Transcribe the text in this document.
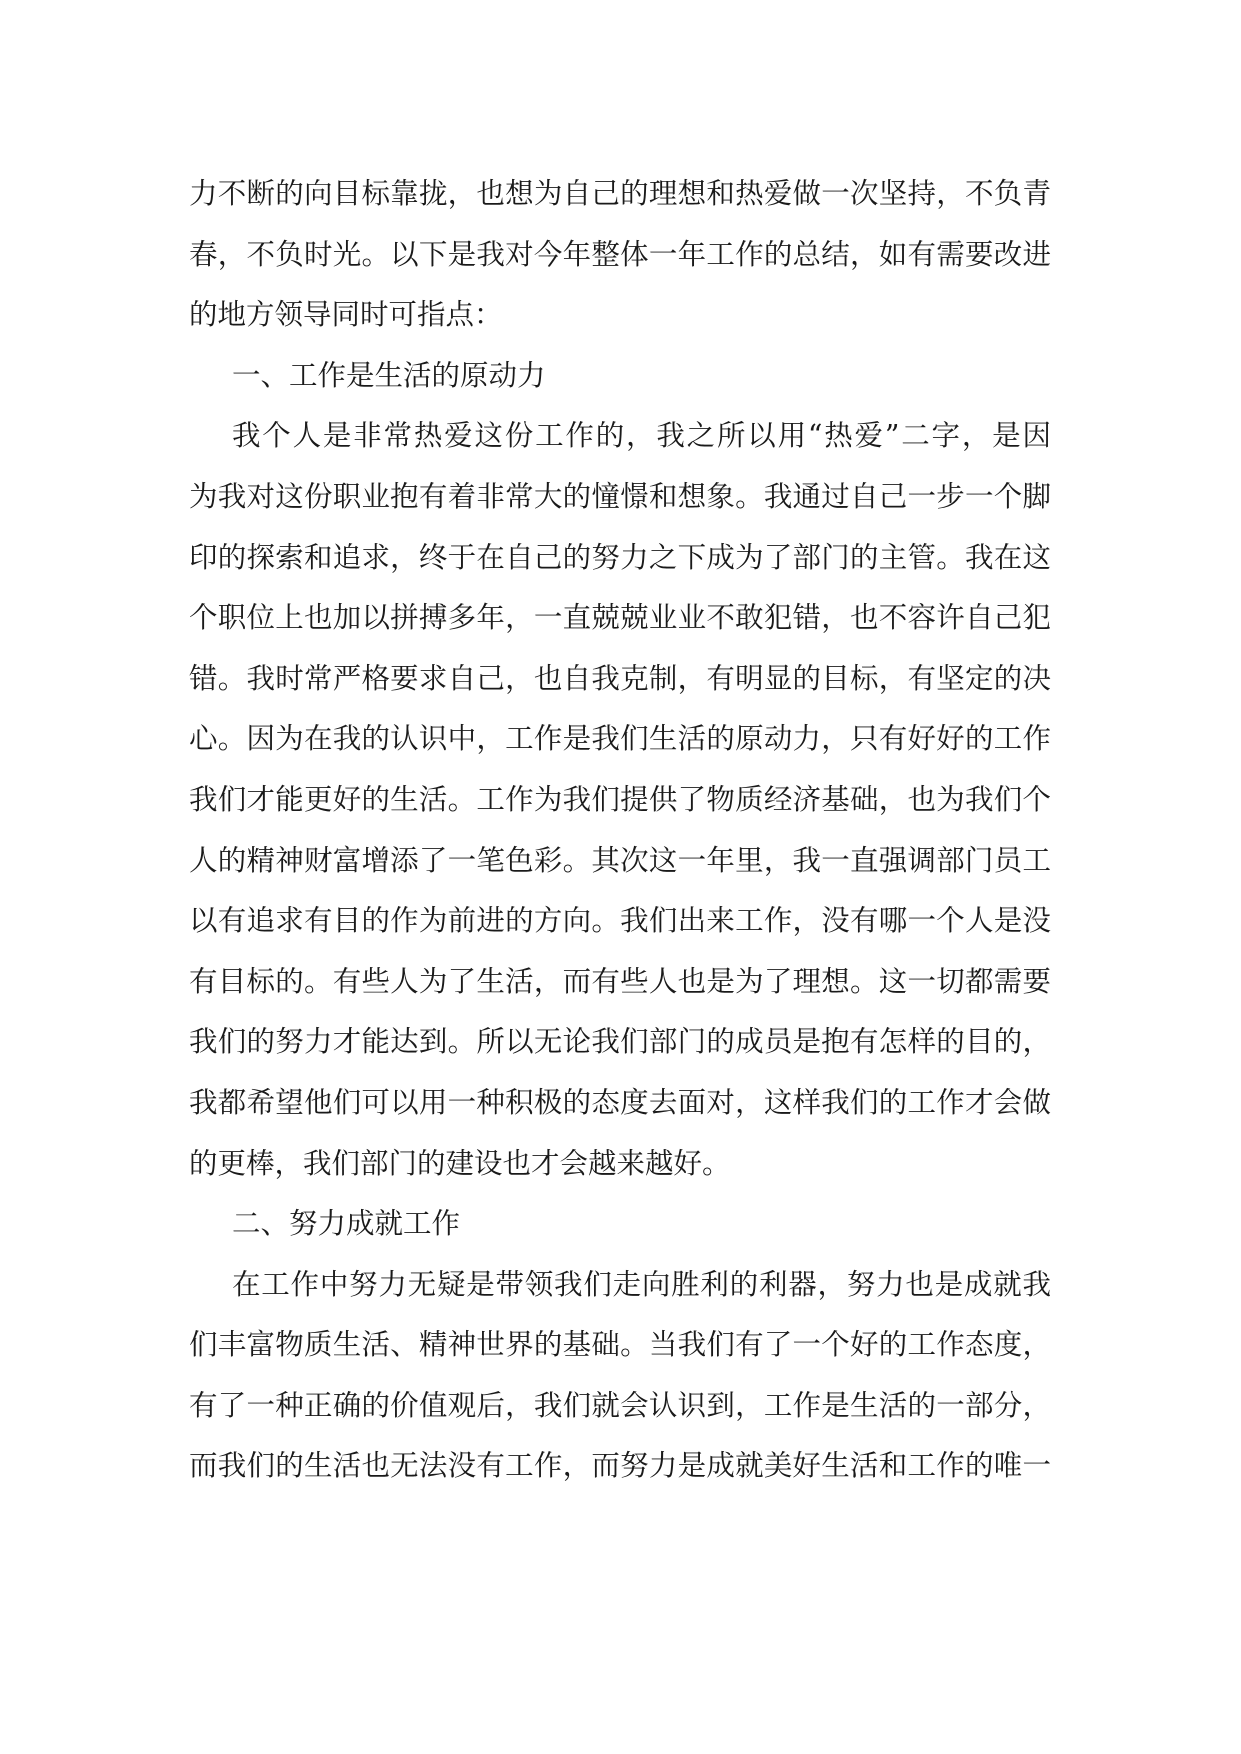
力不断的向目标靠拢，也想为自己的理想和热爱做一次坚持，不负青
春，不负时光。以下是我对今年整体一年工作的总结，如有需要改进
的地方领导同时可指点：
一、工作是生活的原动力
我个人是非常热爱这份工作的，我之所以用“热爱”二字，是因
为我对这份职业抱有着非常大的憧憬和想象。我通过自己一步一个脚
印的探索和追求，终于在自己的努力之下成为了部门的主管。我在这
个职位上也加以拼搏多年，一直兢兢业业不敢犯错，也不容许自己犯
错。我时常严格要求自己，也自我克制，有明显的目标，有坚定的决
心。因为在我的认识中，工作是我们生活的原动力，只有好好的工作
我们才能更好的生活。工作为我们提供了物质经济基础，也为我们个
人的精神财富增添了一笔色彩。其次这一年里，我一直强调部门员工
以有追求有目的作为前进的方向。我们出来工作，没有哪一个人是没
有目标的。有些人为了生活，而有些人也是为了理想。这一切都需要
我们的努力才能达到。所以无论我们部门的成员是抱有怎样的目的，
我都希望他们可以用一种积极的态度去面对，这样我们的工作才会做
的更棒，我们部门的建设也才会越来越好。
二、努力成就工作
在工作中努力无疑是带领我们走向胜利的利器，努力也是成就我
们丰富物质生活、精神世界的基础。当我们有了一个好的工作态度，
有了一种正确的价值观后，我们就会认识到，工作是生活的一部分，
而我们的生活也无法没有工作，而努力是成就美好生活和工作的唯一
